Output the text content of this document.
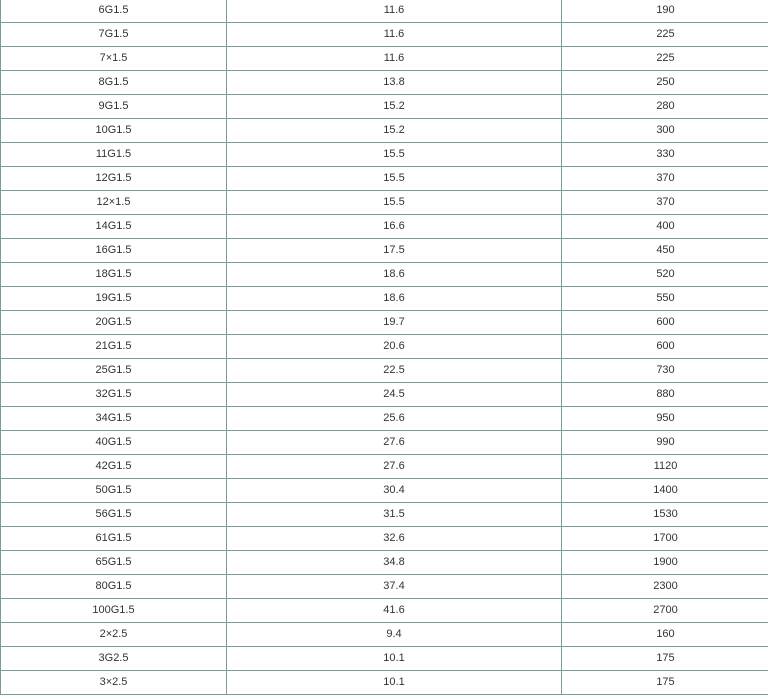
6G1.5	11.6	190
7G1.5	11.6	225
7×1.5	11.6	225
8G1.5	13.8	250
9G1.5	15.2	280
10G1.5	15.2	300
11G1.5	15.5	330
12G1.5	15.5	370
12×1.5	15.5	370
14G1.5	16.6	400
16G1.5	17.5	450
18G1.5	18.6	520
19G1.5	18.6	550
20G1.5	19.7	600
21G1.5	20.6	600
25G1.5	22.5	730
32G1.5	24.5	880
34G1.5	25.6	950
40G1.5	27.6	990
42G1.5	27.6	1120
50G1.5	30.4	1400
56G1.5	31.5	1530
61G1.5	32.6	1700
65G1.5	34.8	1900
80G1.5	37.4	2300
100G1.5	41.6	2700
2×2.5	9.4	160
3G2.5	10.1	175
3×2.5	10.1	175
